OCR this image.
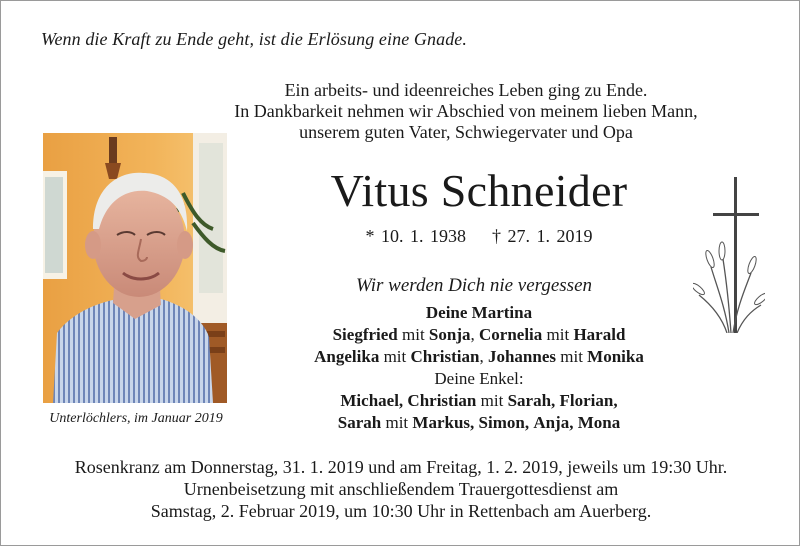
Wenn die Kraft zu Ende geht, ist die Erlösung eine Gnade.
Ein arbeits- und ideenreiches Leben ging zu Ende.
In Dankbarkeit nehmen wir Abschied von meinem lieben Mann,
unserem guten Vater, Schwiegervater und Opa
Unterlöchlers, im Januar 2019
Vitus Schneider
* 10. 1. 1938 † 27. 1. 2019
Wir werden Dich nie vergessen
Deine Martina
Siegfried mit Sonja, Cornelia mit Harald
Angelika mit Christian, Johannes mit Monika
Deine Enkel:
Michael, Christian mit Sarah, Florian,
Sarah mit Markus, Simon, Anja, Mona
Rosenkranz am Donnerstag, 31. 1. 2019 und am Freitag, 1. 2. 2019, jeweils um 19:30 Uhr.
Urnenbeisetzung mit anschließendem Trauergottesdienst am
Samstag, 2. Februar 2019, um 10:30 Uhr in Rettenbach am Auerberg.
